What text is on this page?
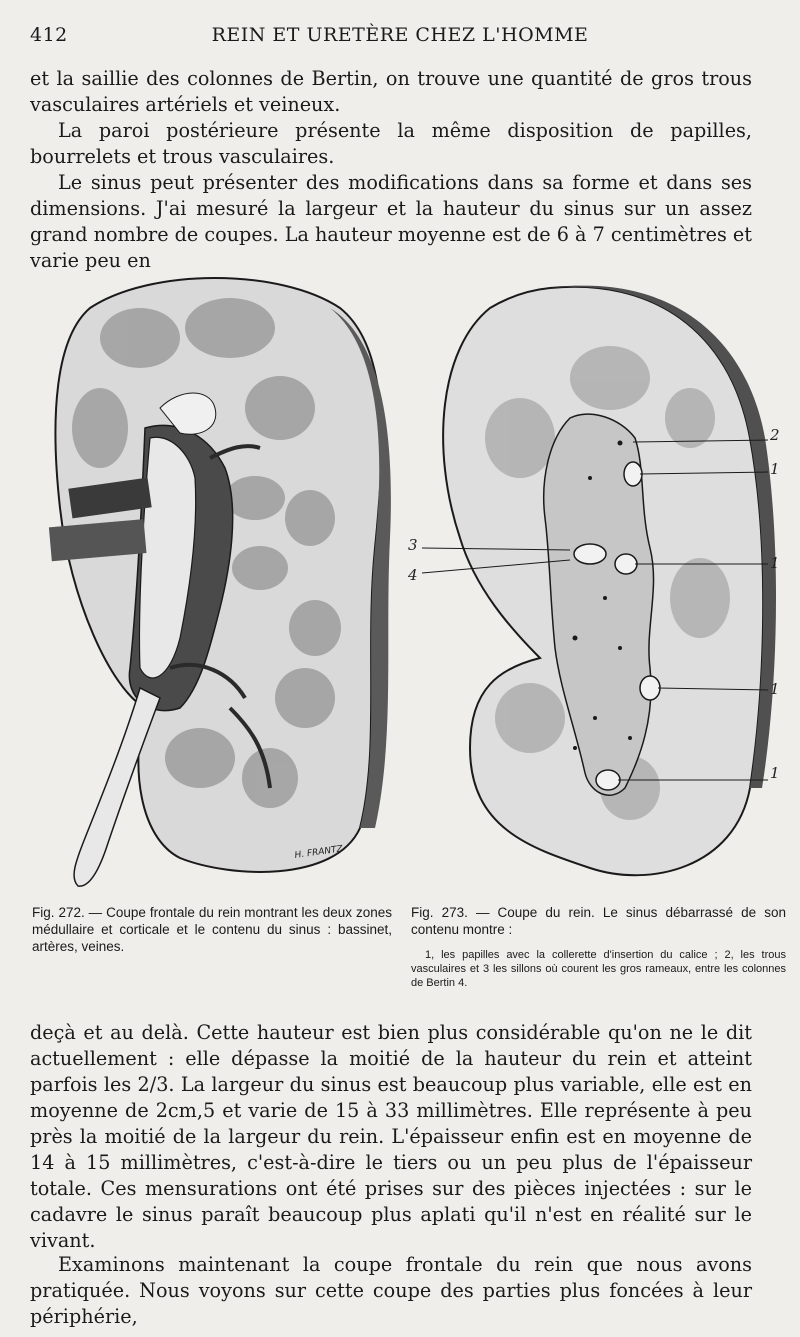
412	REIN ET URETÈRE CHEZ L'HOMME

et la saillie des colonnes de Bertin, on trouve une quantité de gros trous vasculaires artériels et veineux.

La paroi postérieure présente la même disposition de papilles, bourrelets et trous vasculaires.

Le sinus peut présenter des modifications dans sa forme et dans ses dimensions. J'ai mesuré la largeur et la hauteur du sinus sur un assez grand nombre de coupes. La hauteur moyenne est de 6 à 7 centimètres et varie peu en

H. FRANTZ
2
1
3
4
1
1
1
Fig. 272. — Coupe frontale du rein montrant les deux zones médullaire et corticale et le contenu du sinus : bassinet, artères, veines.
Fig. 273. — Coupe du rein. Le sinus débarrassé de son contenu montre :
1, les papilles avec la collerette d'insertion du calice ; 2, les trous vasculaires et 3 les sillons où courent les gros rameaux, entre les colonnes de Bertin 4.

deçà et au delà. Cette hauteur est bien plus considérable qu'on ne le dit actuellement : elle dépasse la moitié de la hauteur du rein et atteint parfois les 2/3. La largeur du sinus est beaucoup plus variable, elle est en moyenne de 2cm,5 et varie de 15 à 33 millimètres. Elle représente à peu près la moitié de la largeur du rein. L'épaisseur enfin est en moyenne de 14 à 15 millimètres, c'est-à-dire le tiers ou un peu plus de l'épaisseur totale. Ces mensurations ont été prises sur des pièces injectées : sur le cadavre le sinus paraît beaucoup plus aplati qu'il n'est en réalité sur le vivant.

Examinons maintenant la coupe frontale du rein que nous avons pratiquée. Nous voyons sur cette coupe des parties plus foncées à leur périphérie,
